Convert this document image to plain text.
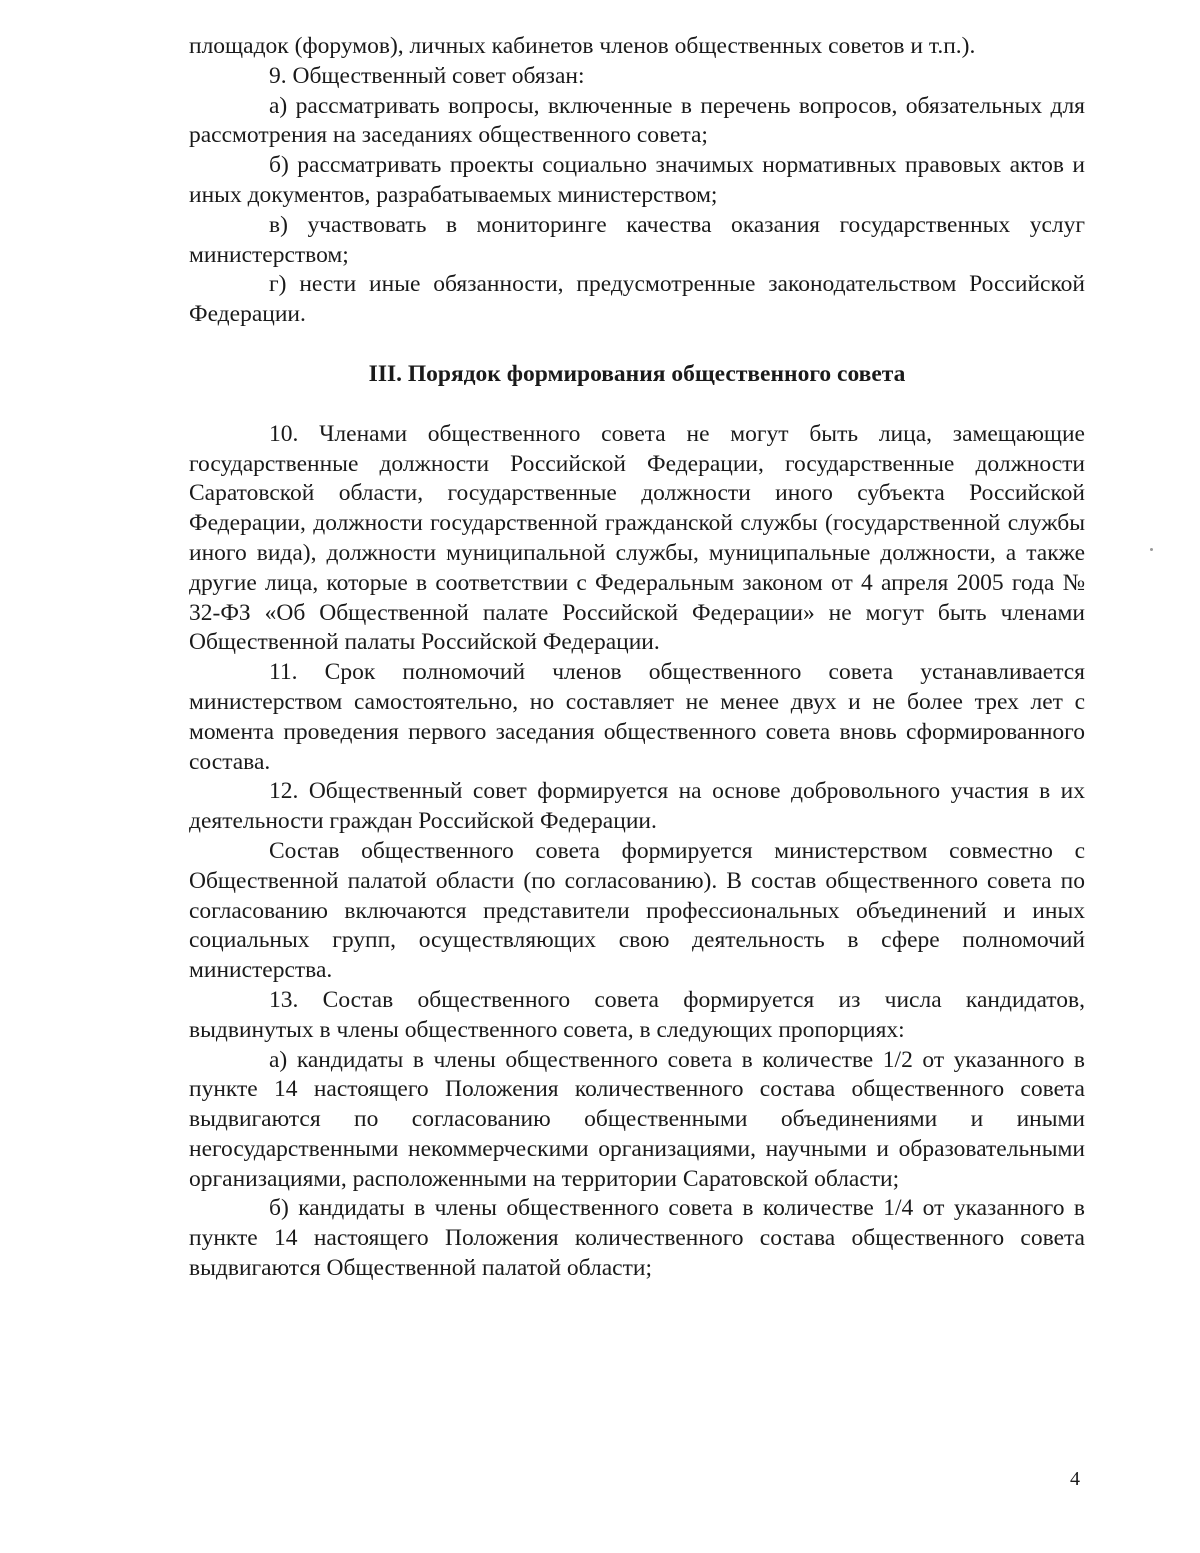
площадок (форумов), личных кабинетов членов общественных советов и т.п.).

9. Общественный совет обязан:

а) рассматривать вопросы, включенные в перечень вопросов, обязательных для рассмотрения на заседаниях общественного совета;

б) рассматривать проекты социально значимых нормативных правовых актов и иных документов, разрабатываемых министерством;

в) участвовать в мониторинге качества оказания государственных услуг министерством;

г) нести иные обязанности, предусмотренные законодательством Российской Федерации.

III. Порядок формирования общественного совета

10. Членами общественного совета не могут быть лица, замещающие государственные должности Российской Федерации, государственные должности Саратовской области, государственные должности иного субъекта Российской Федерации, должности государственной гражданской службы (государственной службы иного вида), должности муниципальной службы, муниципальные должности, а также другие лица, которые в соответствии с Федеральным законом от 4 апреля 2005 года № 32-ФЗ «Об Общественной палате Российской Федерации» не могут быть членами Общественной палаты Российской Федерации.

11. Срок полномочий членов общественного совета устанавливается министерством самостоятельно, но составляет не менее двух и не более трех лет с момента проведения первого заседания общественного совета вновь сформированного состава.

12. Общественный совет формируется на основе добровольного участия в их деятельности граждан Российской Федерации.

Состав общественного совета формируется министерством совместно с Общественной палатой области (по согласованию). В состав общественного совета по согласованию включаются представители профессиональных объединений и иных социальных групп, осуществляющих свою деятельность в сфере полномочий министерства.

13. Состав общественного совета формируется из числа кандидатов, выдвинутых в члены общественного совета, в следующих пропорциях:

а) кандидаты в члены общественного совета в количестве 1/2 от указанного в пункте 14 настоящего Положения количественного состава общественного совета выдвигаются по согласованию общественными объединениями и иными негосударственными некоммерческими организациями, научными и образовательными организациями, расположенными на территории Саратовской области;

б) кандидаты в члены общественного совета в количестве 1/4 от указанного в пункте 14 настоящего Положения количественного состава общественного совета выдвигаются Общественной палатой области;

4
